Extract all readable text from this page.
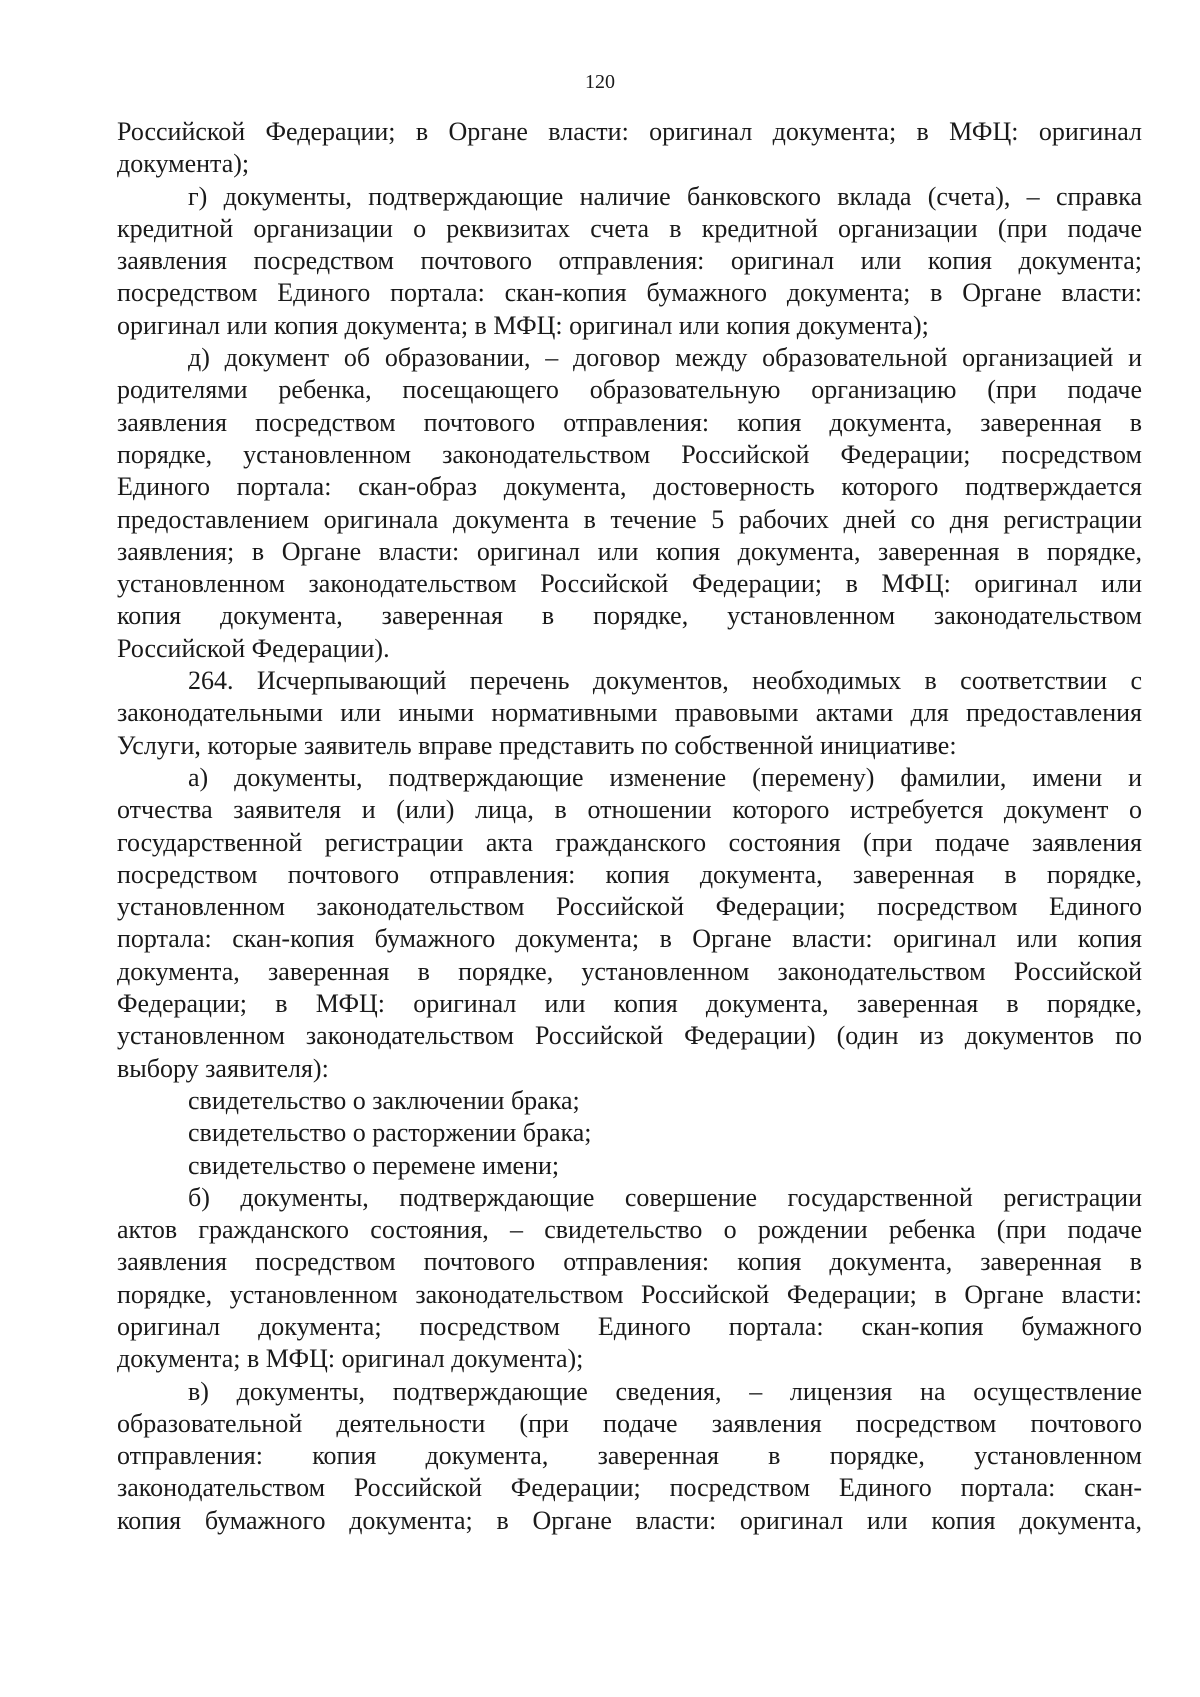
120
Российской Федерации; в Органе власти: оригинал документа; в МФЦ: оригинал
документа);
г) документы, подтверждающие наличие банковского вклада (счета), – справка
кредитной организации о реквизитах счета в кредитной организации (при подаче
заявления посредством почтового отправления: оригинал или копия документа;
посредством Единого портала: скан-копия бумажного документа; в Органе власти:
оригинал или копия документа; в МФЦ: оригинал или копия документа);
д) документ об образовании, – договор между образовательной организацией и
родителями ребенка, посещающего образовательную организацию (при подаче
заявления посредством почтового отправления: копия документа, заверенная в
порядке, установленном законодательством Российской Федерации; посредством
Единого портала: скан-образ документа, достоверность которого подтверждается
предоставлением оригинала документа в течение 5 рабочих дней со дня регистрации
заявления; в Органе власти: оригинал или копия документа, заверенная в порядке,
установленном законодательством Российской Федерации; в МФЦ: оригинал или
копия документа, заверенная в порядке, установленном законодательством
Российской Федерации).
264. Исчерпывающий перечень документов, необходимых в соответствии с
законодательными или иными нормативными правовыми актами для предоставления
Услуги, которые заявитель вправе представить по собственной инициативе:
а) документы, подтверждающие изменение (перемену) фамилии, имени и
отчества заявителя и (или) лица, в отношении которого истребуется документ о
государственной регистрации акта гражданского состояния (при подаче заявления
посредством почтового отправления: копия документа, заверенная в порядке,
установленном законодательством Российской Федерации; посредством Единого
портала: скан-копия бумажного документа; в Органе власти: оригинал или копия
документа, заверенная в порядке, установленном законодательством Российской
Федерации; в МФЦ: оригинал или копия документа, заверенная в порядке,
установленном законодательством Российской Федерации) (один из документов по
выбору заявителя):
свидетельство о заключении брака;
свидетельство о расторжении брака;
свидетельство о перемене имени;
б) документы, подтверждающие совершение государственной регистрации
актов гражданского состояния, – свидетельство о рождении ребенка (при подаче
заявления посредством почтового отправления: копия документа, заверенная в
порядке, установленном законодательством Российской Федерации; в Органе власти:
оригинал документа; посредством Единого портала: скан-копия бумажного
документа; в МФЦ: оригинал документа);
в) документы, подтверждающие сведения, – лицензия на осуществление
образовательной деятельности (при подаче заявления посредством почтового
отправления: копия документа, заверенная в порядке, установленном
законодательством Российской Федерации; посредством Единого портала: скан-
копия бумажного документа; в Органе власти: оригинал или копия документа,
